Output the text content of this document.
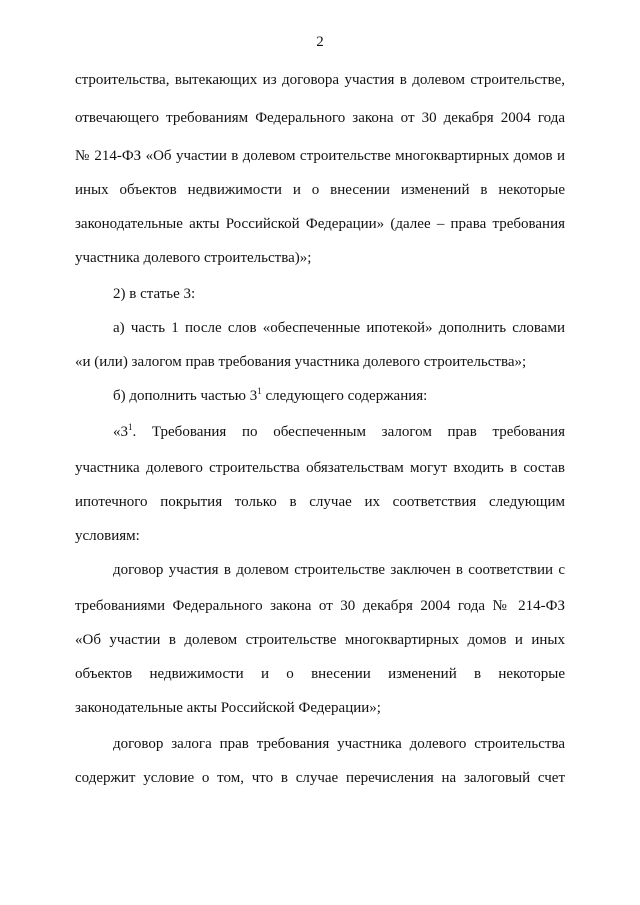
2
строительства, вытекающих из договора участия в долевом строительстве,
отвечающего требованиям Федерального закона от 30 декабря 2004 года
№ 214-ФЗ «Об участии в долевом строительстве многоквартирных домов и
иных объектов недвижимости и о внесении изменений в некоторые
законодательные акты Российской Федерации» (далее – права требования
участника долевого строительства)»;
2) в статье 3:
а) часть 1 после слов «обеспеченные ипотекой» дополнить словами
«и (или) залогом прав требования участника долевого строительства»;
б) дополнить частью $3^1$ следующего содержания:
«$3^1$. Требования по обеспеченным залогом прав требования
участника долевого строительства обязательствам могут входить в состав
ипотечного покрытия только в случае их соответствия следующим
условиям:
договор участия в долевом строительстве заключен в соответствии с
требованиями Федерального закона от 30 декабря 2004 года № 214-ФЗ
«Об участии в долевом строительстве многоквартирных домов и иных
объектов недвижимости и о внесении изменений в некоторые
законодательные акты Российской Федерации»;
договор залога прав требования участника долевого строительства
содержит условие о том, что в случае перечисления на залоговый счет
